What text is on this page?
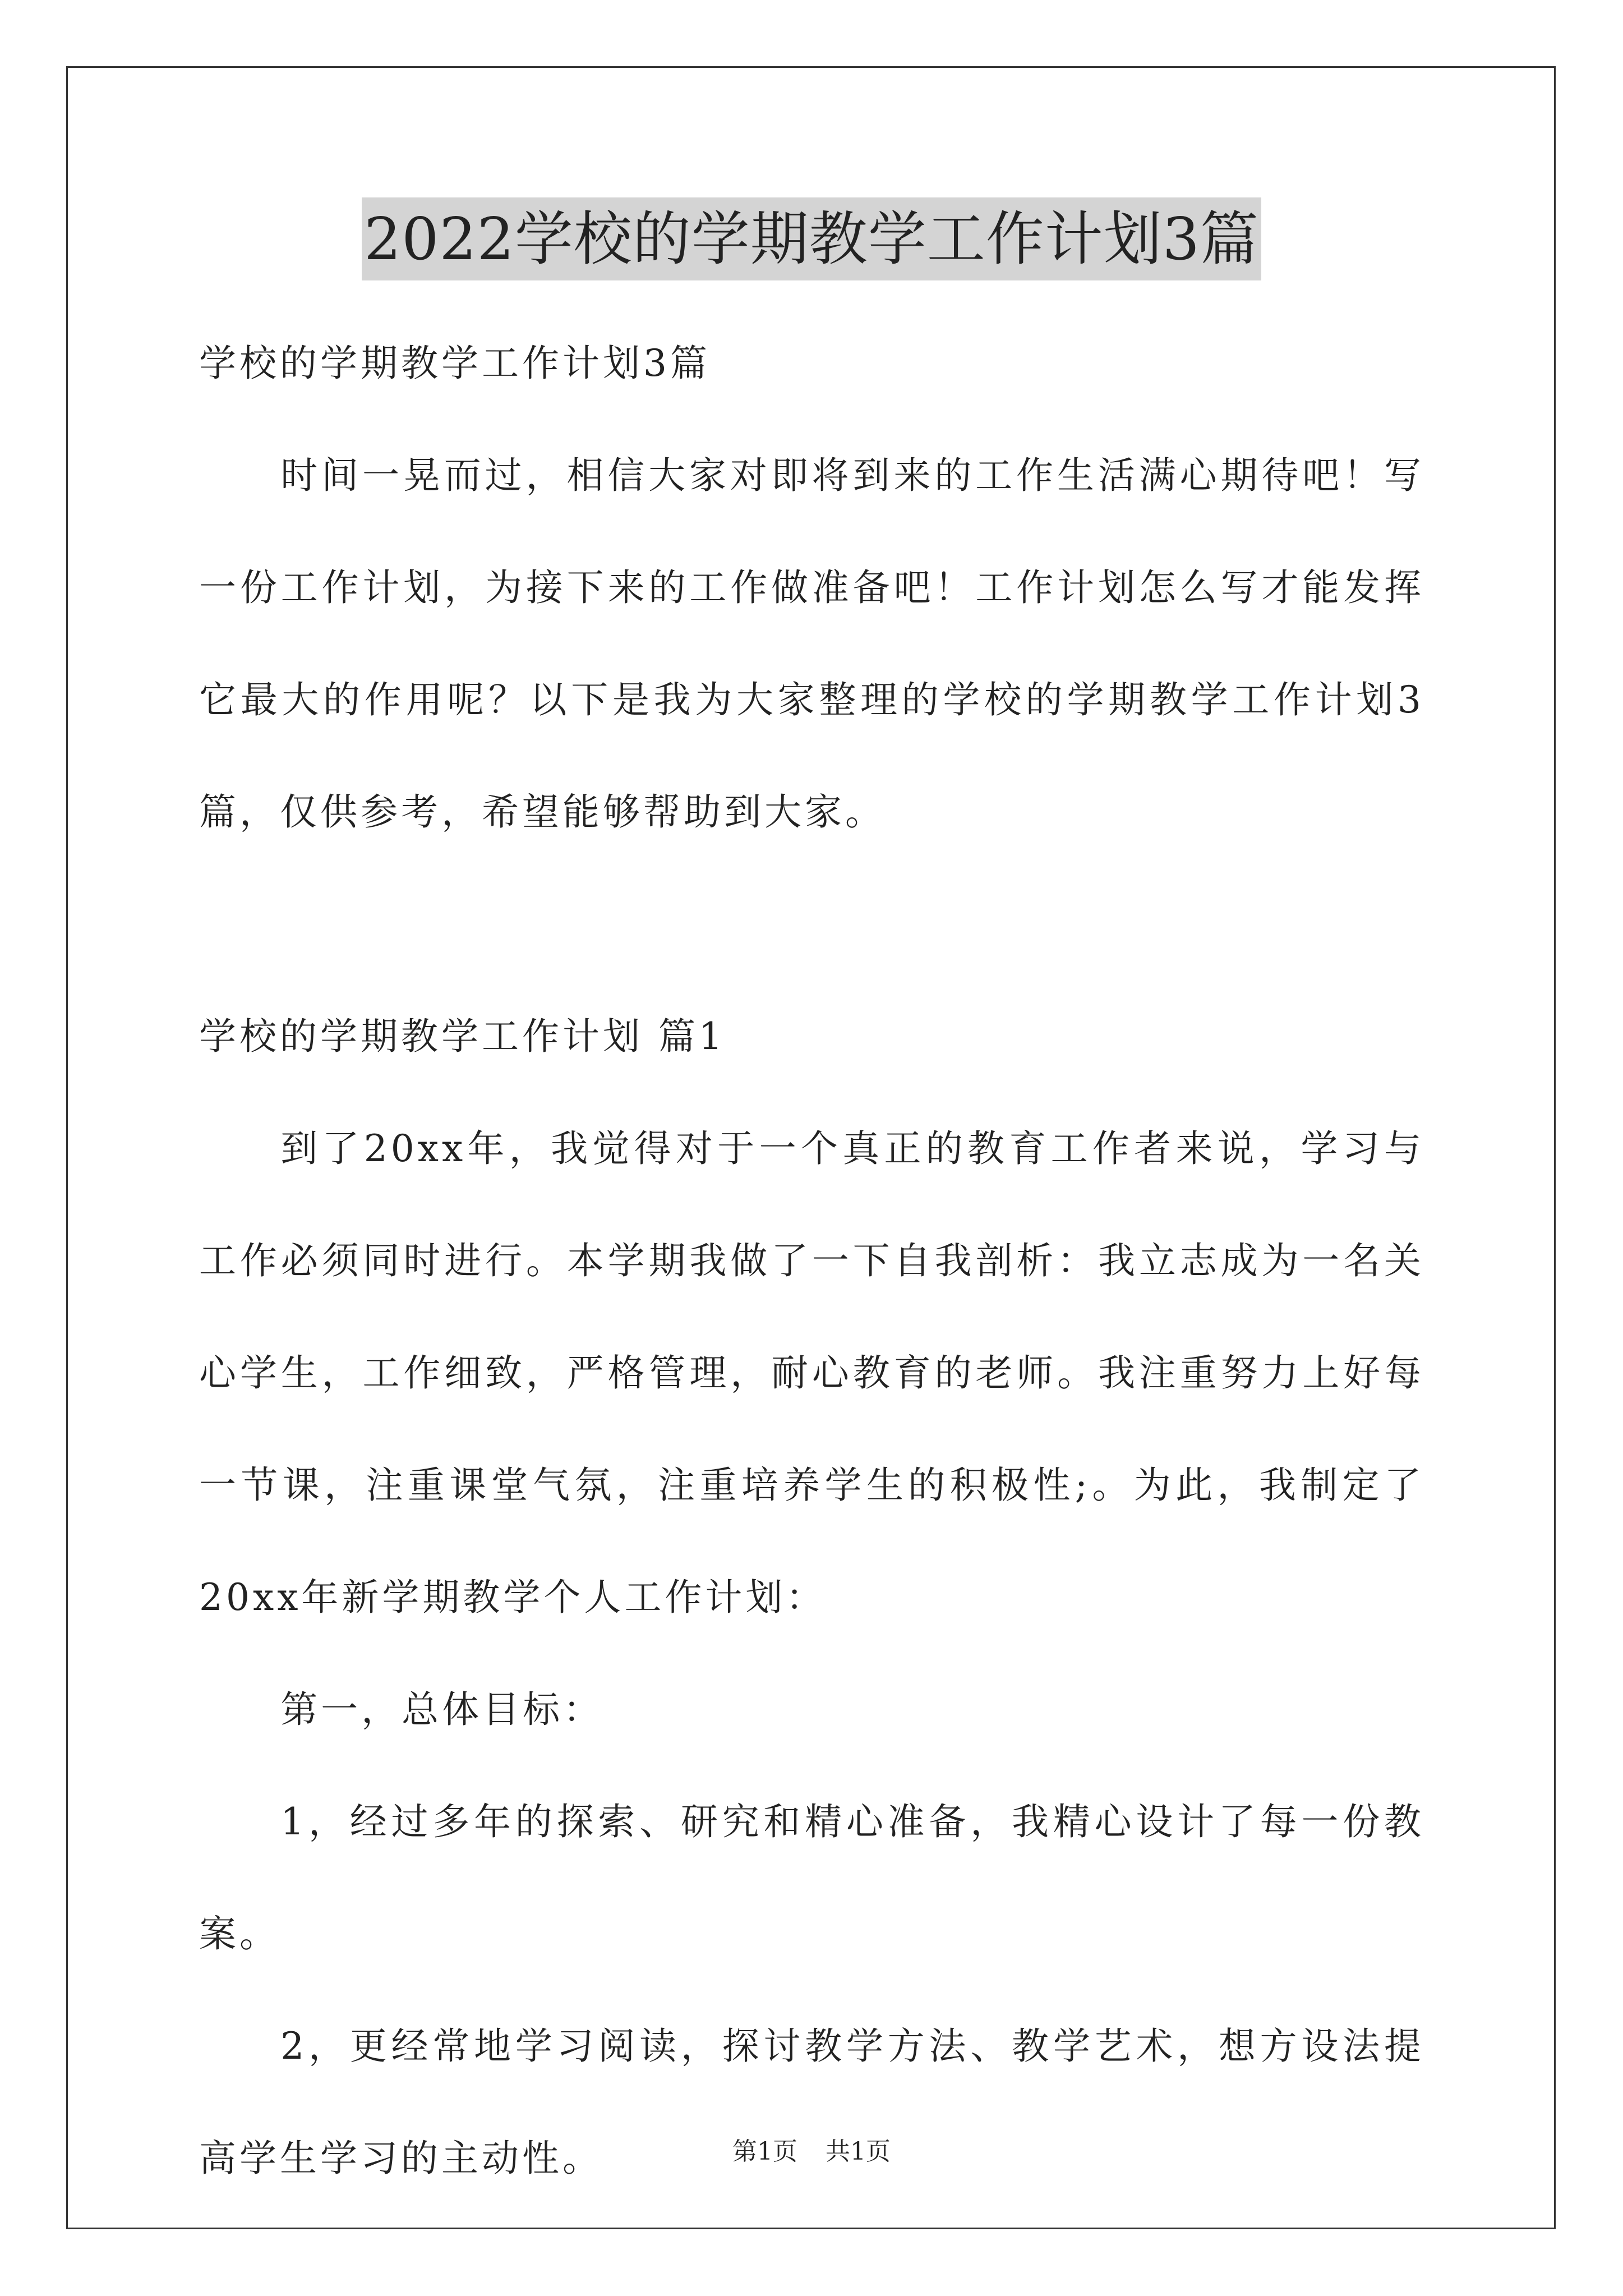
2022学校的学期教学工作计划3篇

学校的学期教学工作计划3篇

时间一晃而过，相信大家对即将到来的工作生活满心期待吧！写一份工作计划，为接下来的工作做准备吧！工作计划怎么写才能发挥它最大的作用呢？以下是我为大家整理的学校的学期教学工作计划3篇，仅供参考，希望能够帮助到大家。

学校的学期教学工作计划 篇1

到了20xx年，我觉得对于一个真正的教育工作者来说，学习与工作必须同时进行。本学期我做了一下自我剖析：我立志成为一名关心学生，工作细致，严格管理，耐心教育的老师。我注重努力上好每一节课，注重课堂气氛，注重培养学生的积极性;。为此，我制定了20xx年新学期教学个人工作计划：

第一，总体目标：

1，经过多年的探索、研究和精心准备，我精心设计了每一份教案。

2，更经常地学习阅读，探讨教学方法、教学艺术，想方设法提高学生学习的主动性。	第1页 共1页
